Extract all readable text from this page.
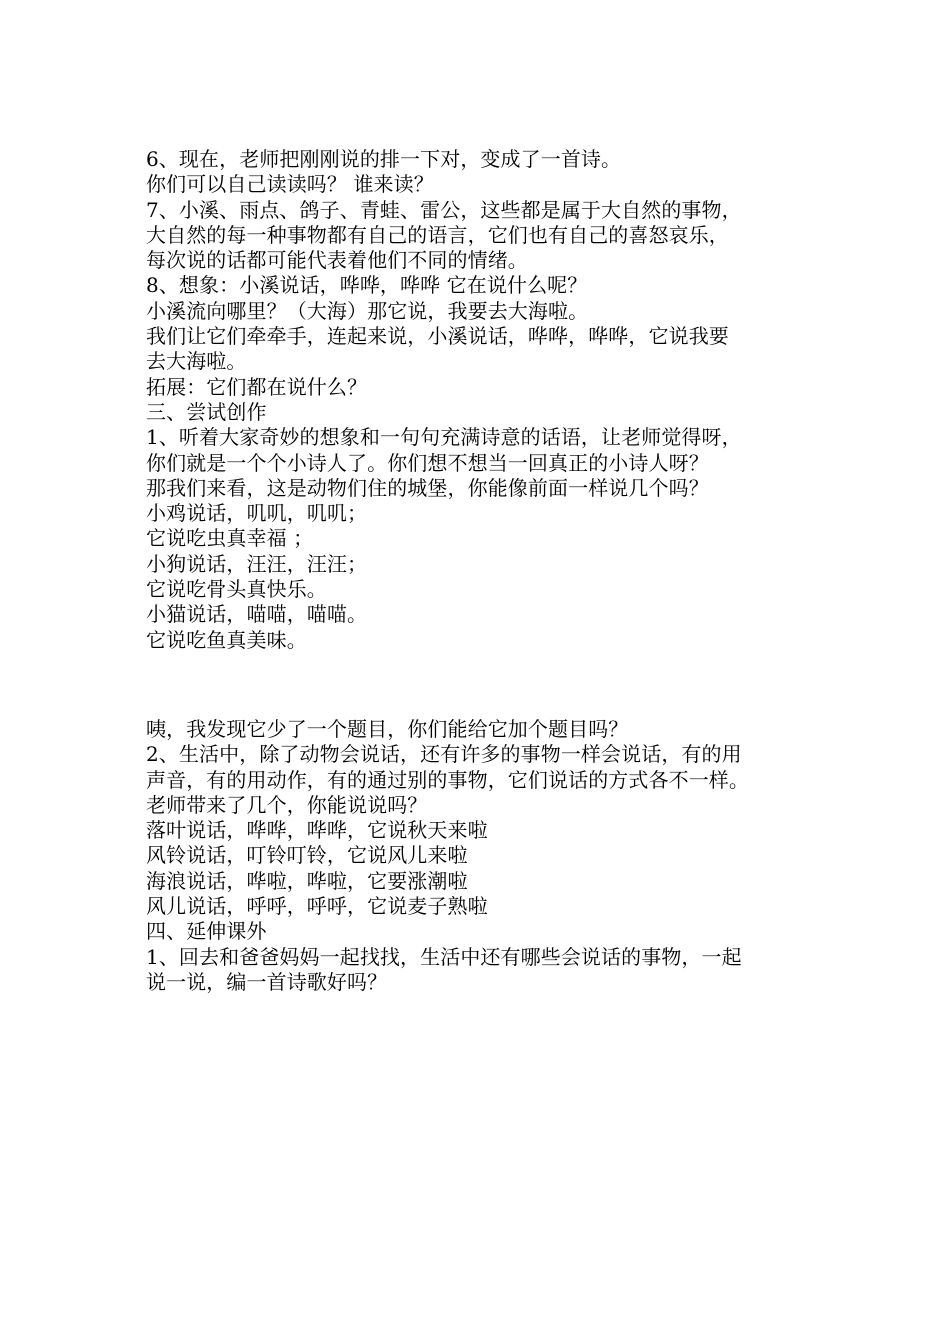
6、现在，老师把刚刚说的排一下对，变成了一首诗。
你们可以自己读读吗？ 谁来读？
7、小溪、雨点、鸽子、青蛙、雷公，这些都是属于大自然的事物，
大自然的每一种事物都有自己的语言，它们也有自己的喜怒哀乐，
每次说的话都可能代表着他们不同的情绪。
8、想象：小溪说话，哗哗，哗哗 它在说什么呢？
小溪流向哪里？（大海）那它说，我要去大海啦。
我们让它们牵牵手，连起来说，小溪说话，哗哗，哗哗，它说我要
去大海啦。
拓展：它们都在说什么？
三、尝试创作
1、听着大家奇妙的想象和一句句充满诗意的话语，让老师觉得呀，
你们就是一个个小诗人了。你们想不想当一回真正的小诗人呀？
那我们来看，这是动物们住的城堡，你能像前面一样说几个吗？
小鸡说话，叽叽，叽叽；
它说吃虫真幸福 ；
小狗说话，汪汪，汪汪；
它说吃骨头真快乐。
小猫说话，喵喵，喵喵。
它说吃鱼真美味。
咦，我发现它少了一个题目，你们能给它加个题目吗？
2、生活中，除了动物会说话，还有许多的事物一样会说话，有的用
声音，有的用动作，有的通过别的事物，它们说话的方式各不一样。
老师带来了几个，你能说说吗？
落叶说话，哗哗，哗哗，它说秋天来啦
风铃说话，叮铃叮铃，它说风儿来啦
海浪说话，哗啦，哗啦，它要涨潮啦
风儿说话，呼呼，呼呼，它说麦子熟啦
四、延伸课外
1、回去和爸爸妈妈一起找找，生活中还有哪些会说话的事物，一起
说一说，编一首诗歌好吗？
